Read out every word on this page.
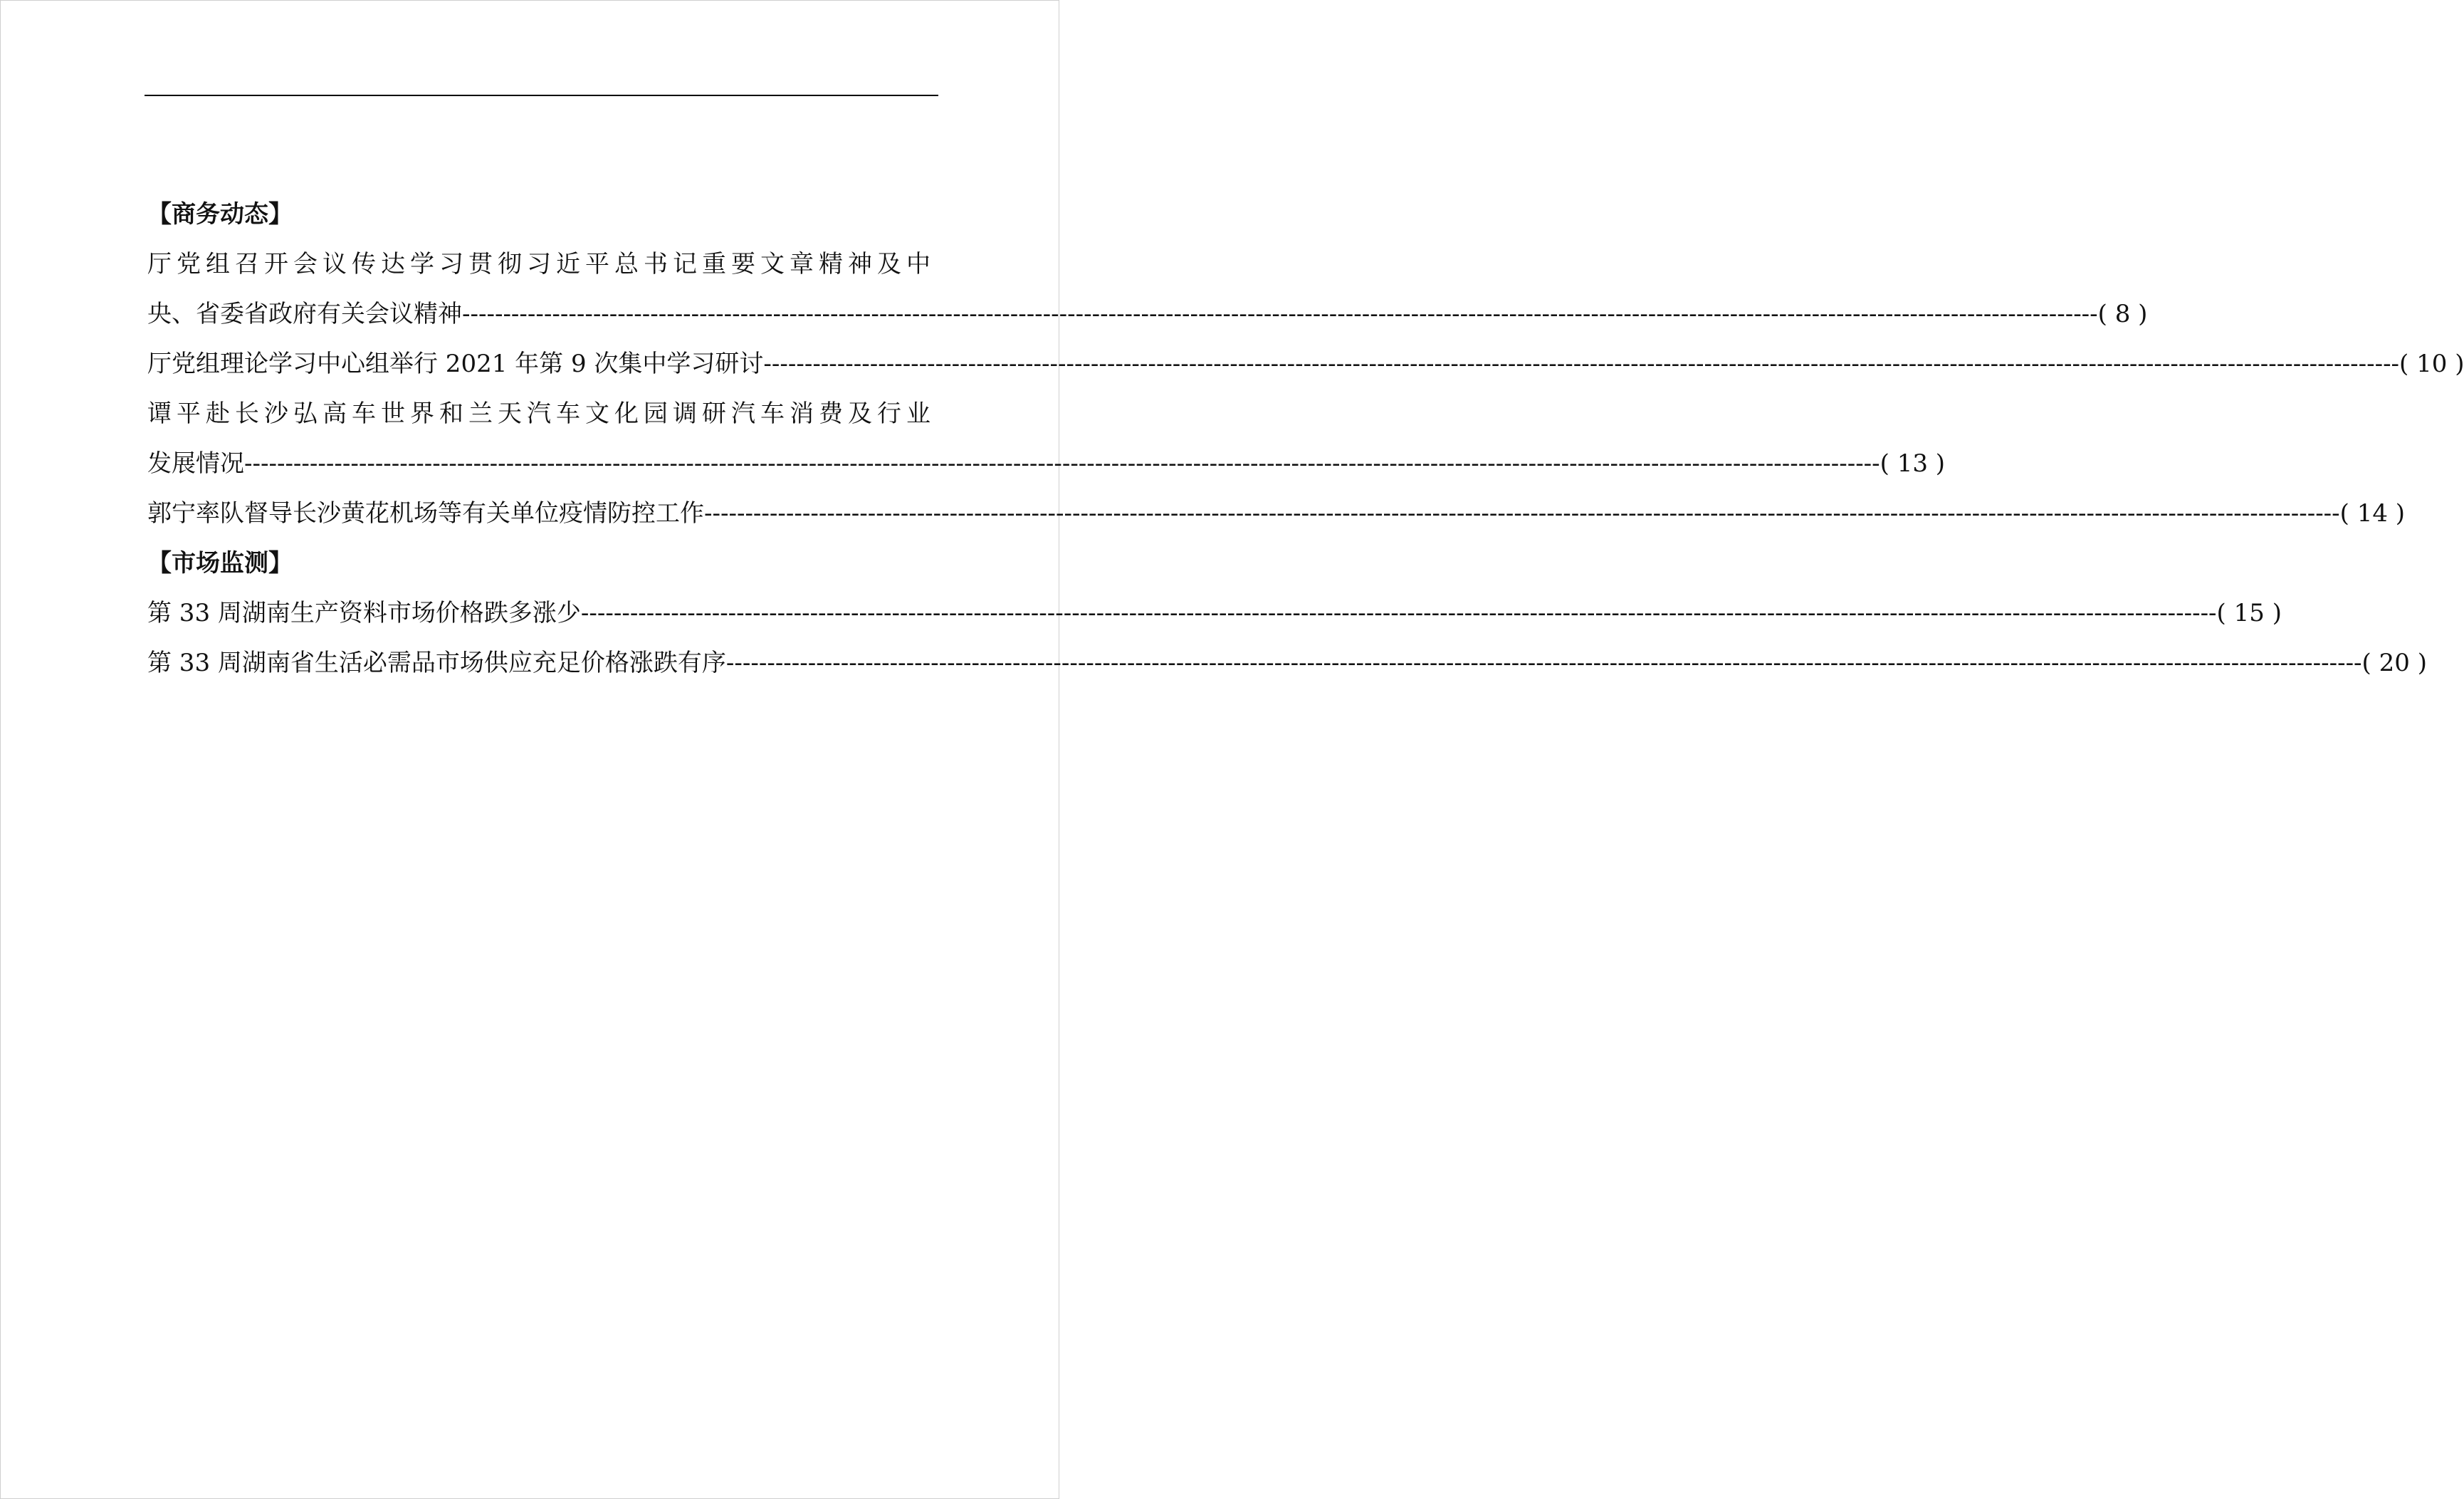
【商务动态】
厅党组召开会议传达学习贯彻习近平总书记重要文章精神及中
央、省委省政府有关会议精神 -------------------------------------------------------------------------------------------------------------------------------------------------------------------------------------------------------- ( 8 )
厅党组理论学习中心组举行 2021 年第 9 次集中学习研讨 -------------------------------------------------------------------------------------------------------------------------------------------------------------------------------------------------------- ( 10 )
谭平赴长沙弘高车世界和兰天汽车文化园调研汽车消费及行业
发展情况 -------------------------------------------------------------------------------------------------------------------------------------------------------------------------------------------------------- ( 13 )
郭宁率队督导长沙黄花机场等有关单位疫情防控工作 -------------------------------------------------------------------------------------------------------------------------------------------------------------------------------------------------------- ( 14 )
【市场监测】
第 33 周湖南生产资料市场价格跌多涨少 -------------------------------------------------------------------------------------------------------------------------------------------------------------------------------------------------------- ( 15 )
第 33 周湖南省生活必需品市场供应充足价格涨跌有序 -------------------------------------------------------------------------------------------------------------------------------------------------------------------------------------------------------- ( 20 )
